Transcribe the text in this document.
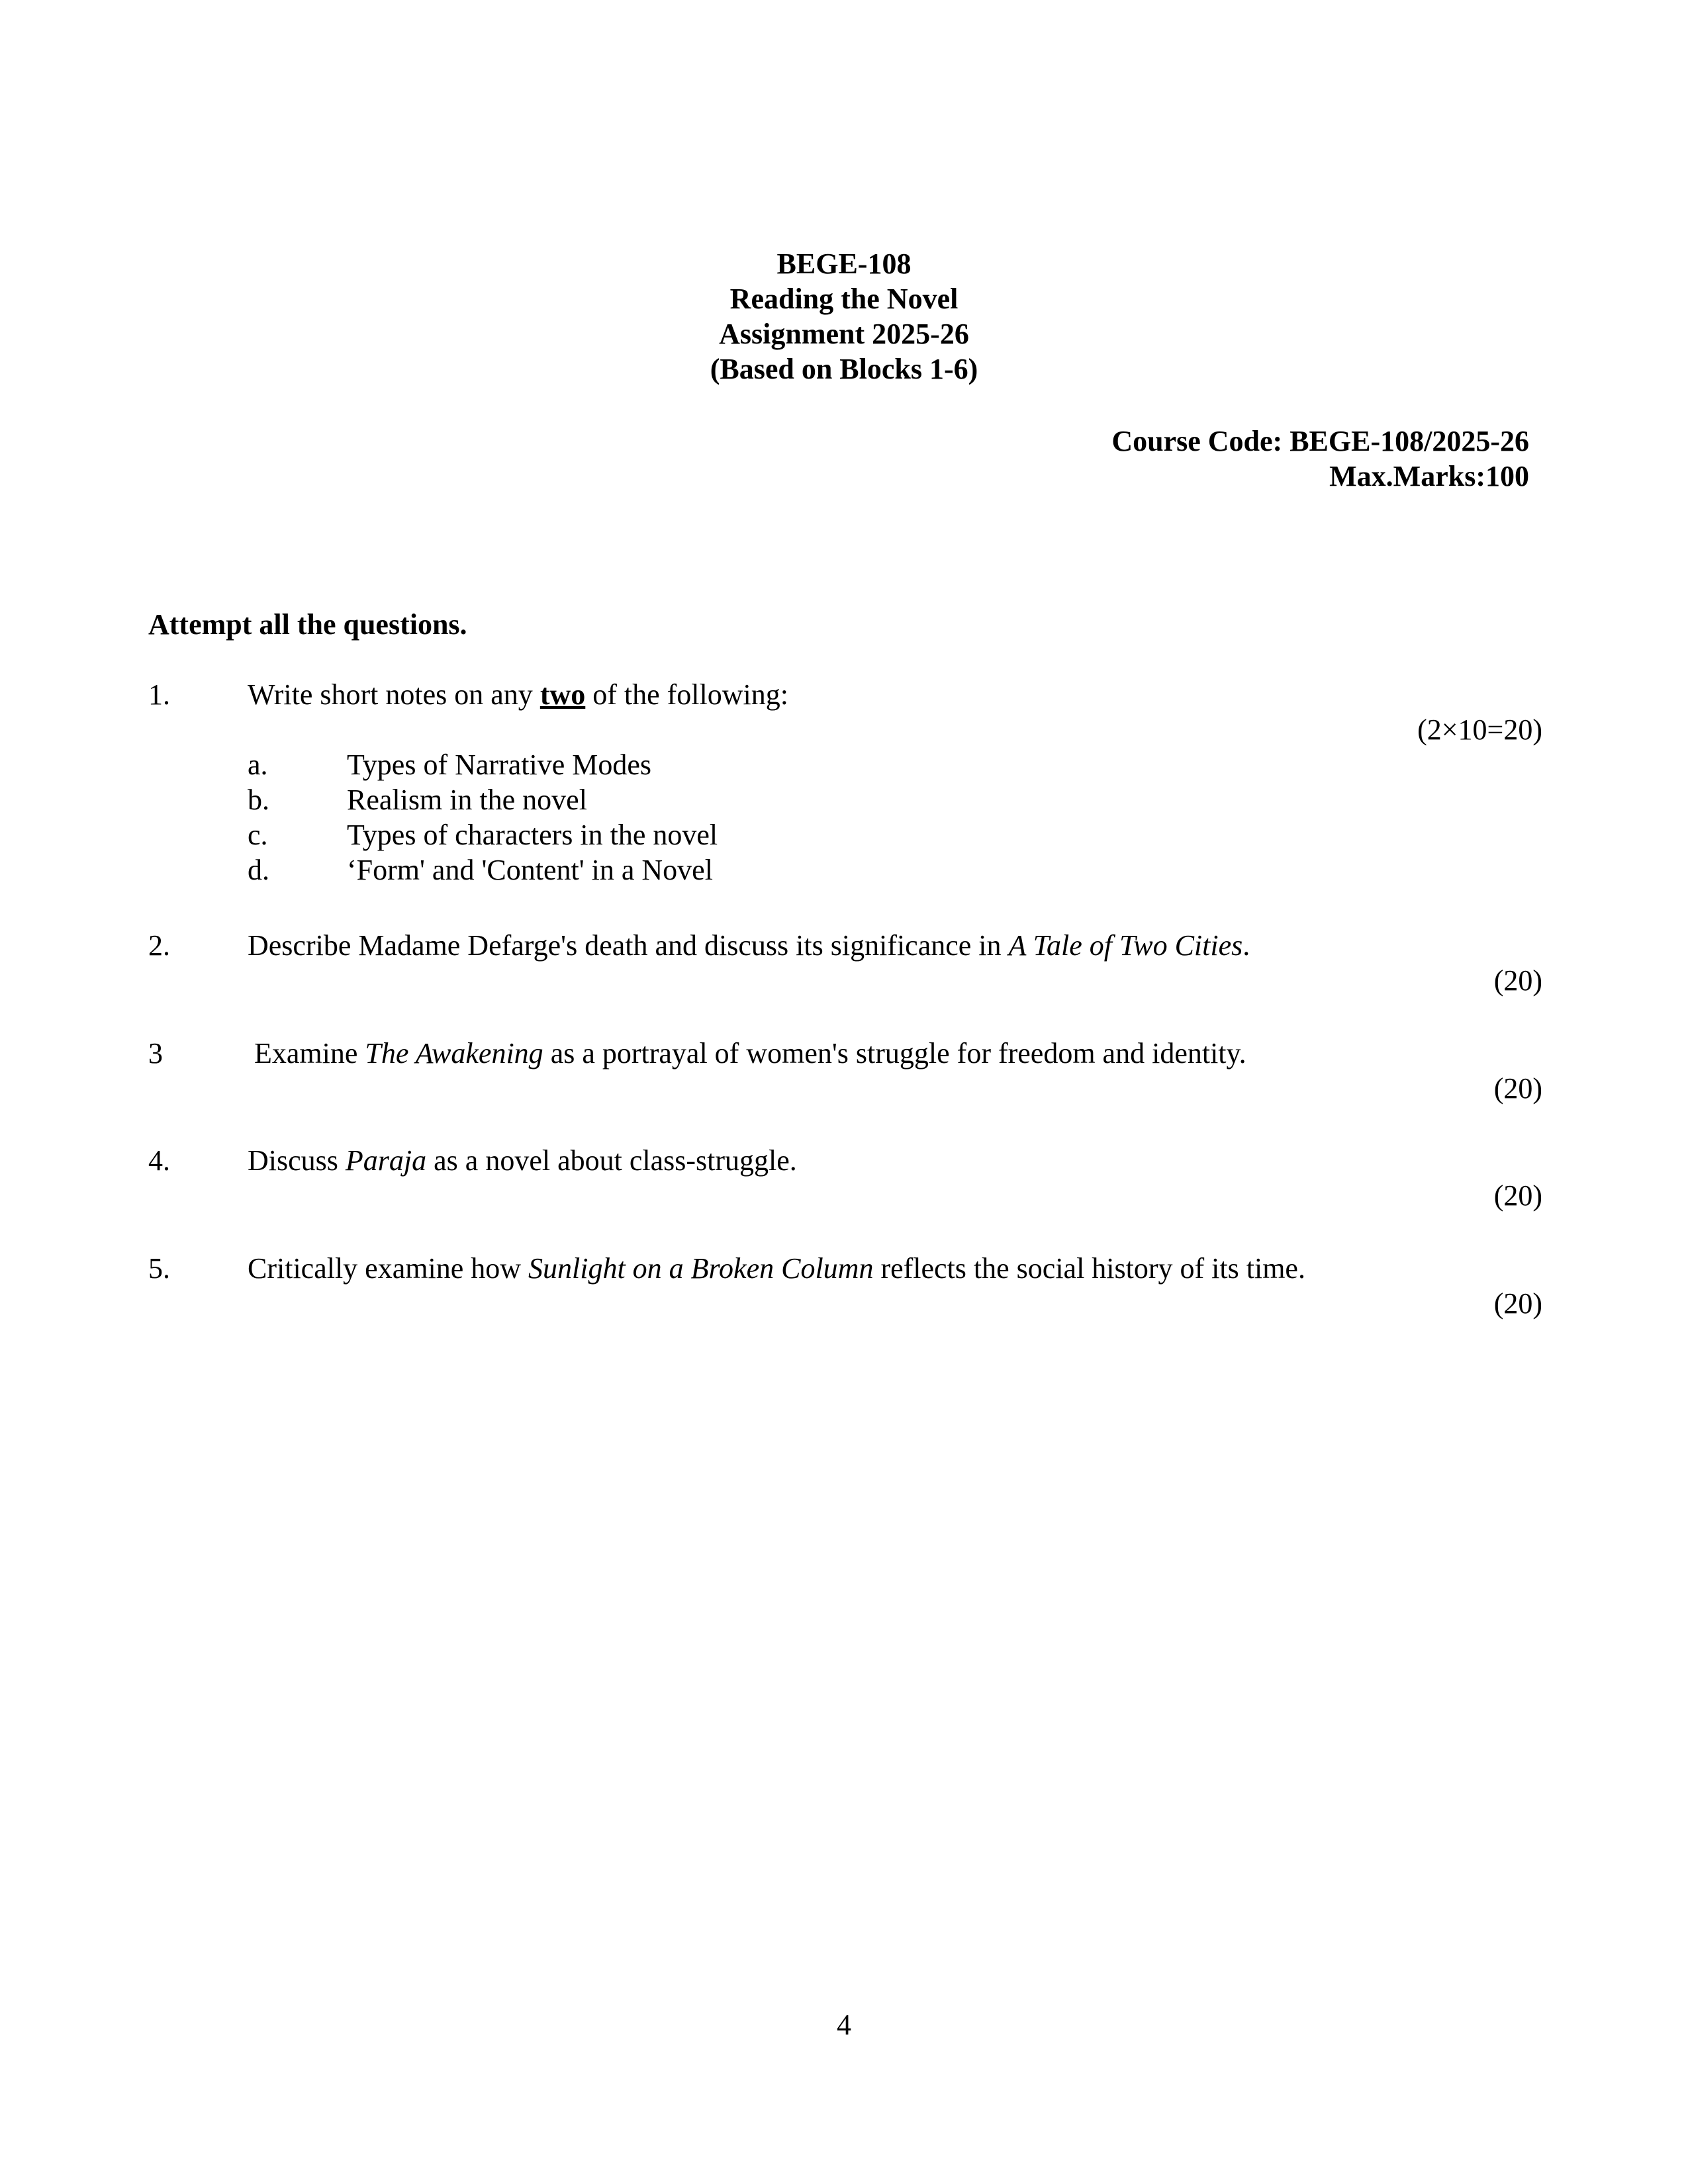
BEGE-108
Reading the Novel
Assignment 2025-26
(Based on Blocks 1-6)
Course Code: BEGE-108/2025-26
Max.Marks:100
Attempt all the questions.
1.	Write short notes on any two of the following:
(2×10=20)
a.	Types of Narrative Modes
b.	Realism in the novel
c.	Types of characters in the novel
d.	‘Form' and 'Content' in a Novel
2.	Describe Madame Defarge's death and discuss its significance in A Tale of Two Cities.
(20)
3	Examine The Awakening as a portrayal of women's struggle for freedom and identity.
(20)
4.	Discuss Paraja as a novel about class-struggle.
(20)
5.	Critically examine how Sunlight on a Broken Column reflects the social history of its time.
(20)
4
